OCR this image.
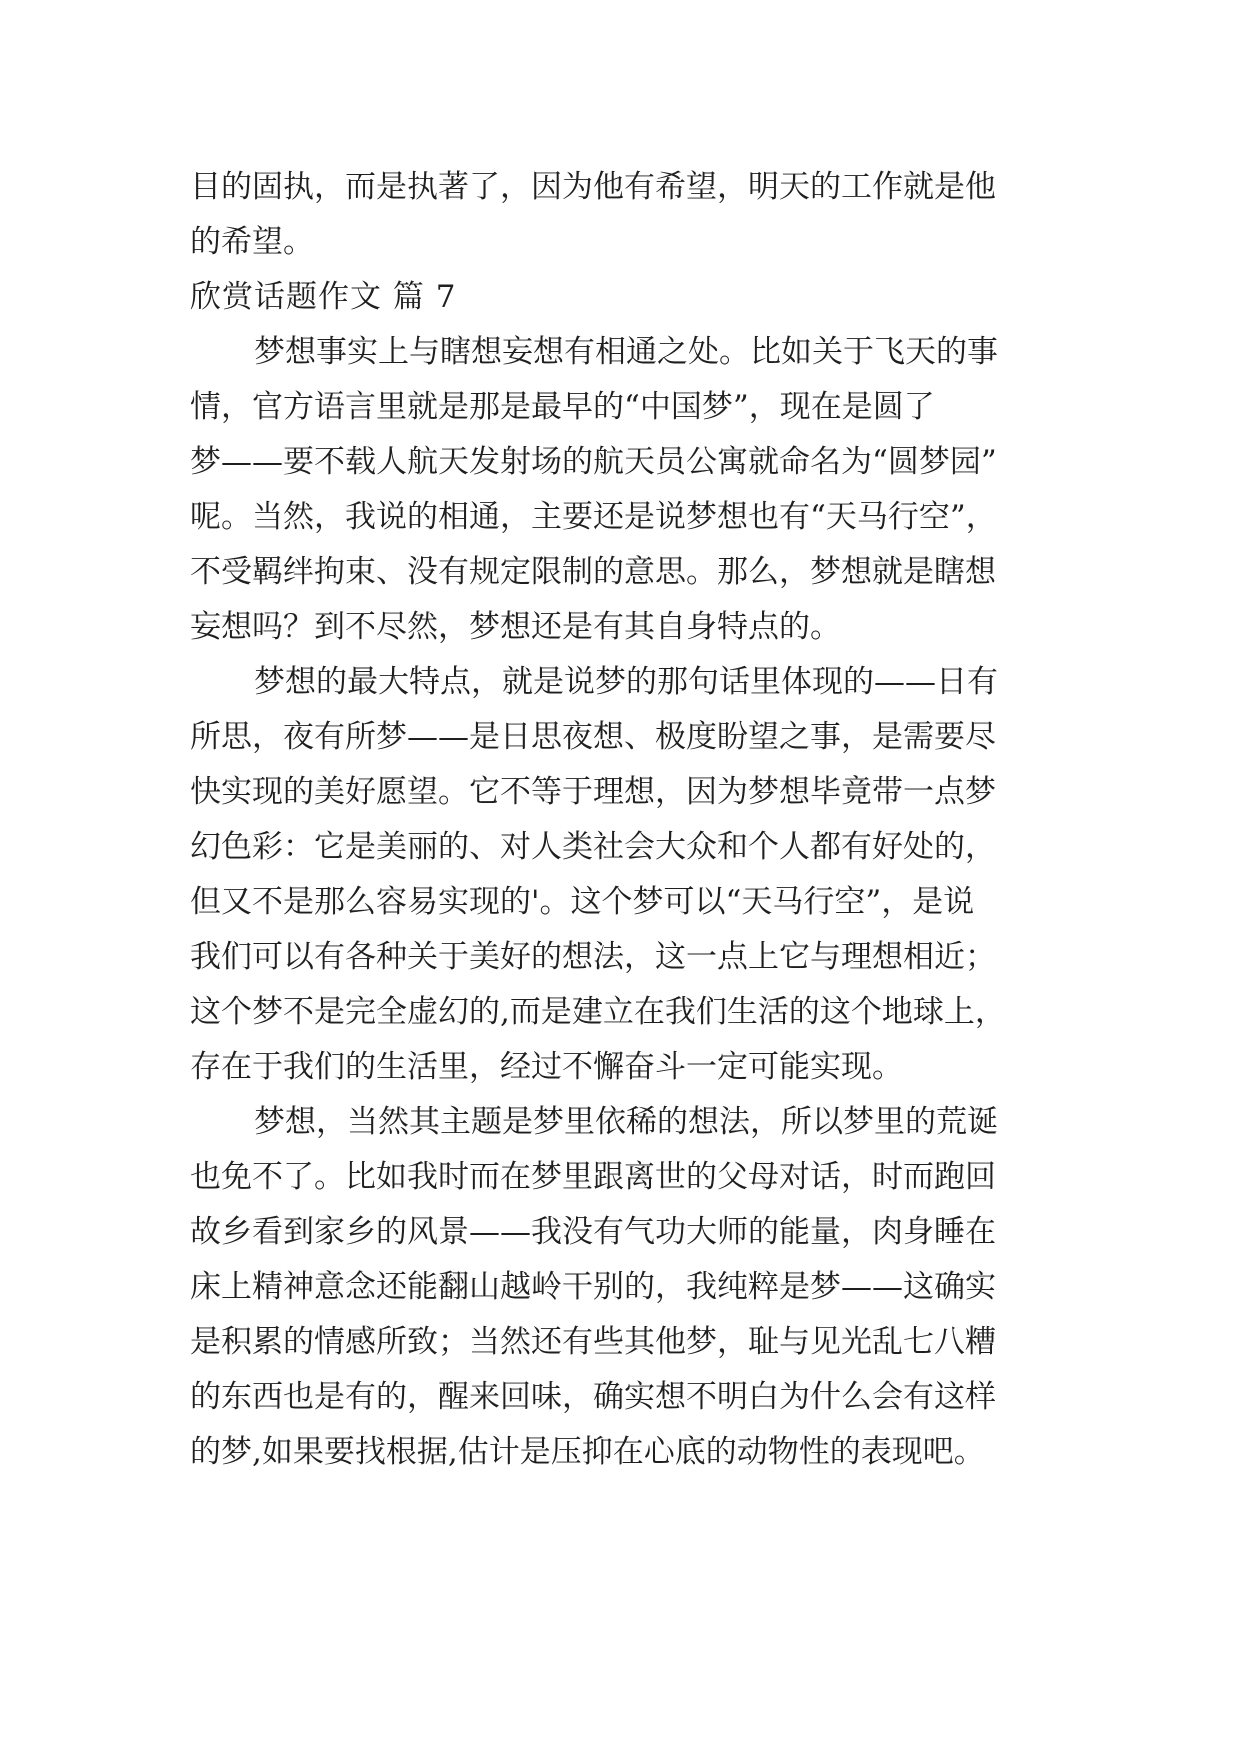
目的固执，而是执著了，因为他有希望，明天的工作就是他
的希望。
欣赏话题作文 篇 7
梦想事实上与瞎想妄想有相通之处。比如关于飞天的事
情，官方语言里就是那是最早的“中国梦”，现在是圆了
梦——要不载人航天发射场的航天员公寓就命名为“圆梦园”
呢。当然，我说的相通，主要还是说梦想也有“天马行空”，
不受羁绊拘束、没有规定限制的意思。那么，梦想就是瞎想
妄想吗？到不尽然，梦想还是有其自身特点的。
梦想的最大特点，就是说梦的那句话里体现的——日有
所思，夜有所梦——是日思夜想、极度盼望之事，是需要尽
快实现的美好愿望。它不等于理想，因为梦想毕竟带一点梦
幻色彩：它是美丽的、对人类社会大众和个人都有好处的，
但又不是那么容易实现的'。这个梦可以“天马行空”，是说
我们可以有各种关于美好的想法，这一点上它与理想相近；
这个梦不是完全虚幻的,而是建立在我们生活的这个地球上，
存在于我们的生活里，经过不懈奋斗一定可能实现。
梦想，当然其主题是梦里依稀的想法，所以梦里的荒诞
也免不了。比如我时而在梦里跟离世的父母对话，时而跑回
故乡看到家乡的风景——我没有气功大师的能量，肉身睡在
床上精神意念还能翻山越岭干别的，我纯粹是梦——这确实
是积累的情感所致；当然还有些其他梦，耻与见光乱七八糟
的东西也是有的，醒来回味，确实想不明白为什么会有这样
的梦,如果要找根据,估计是压抑在心底的动物性的表现吧。
